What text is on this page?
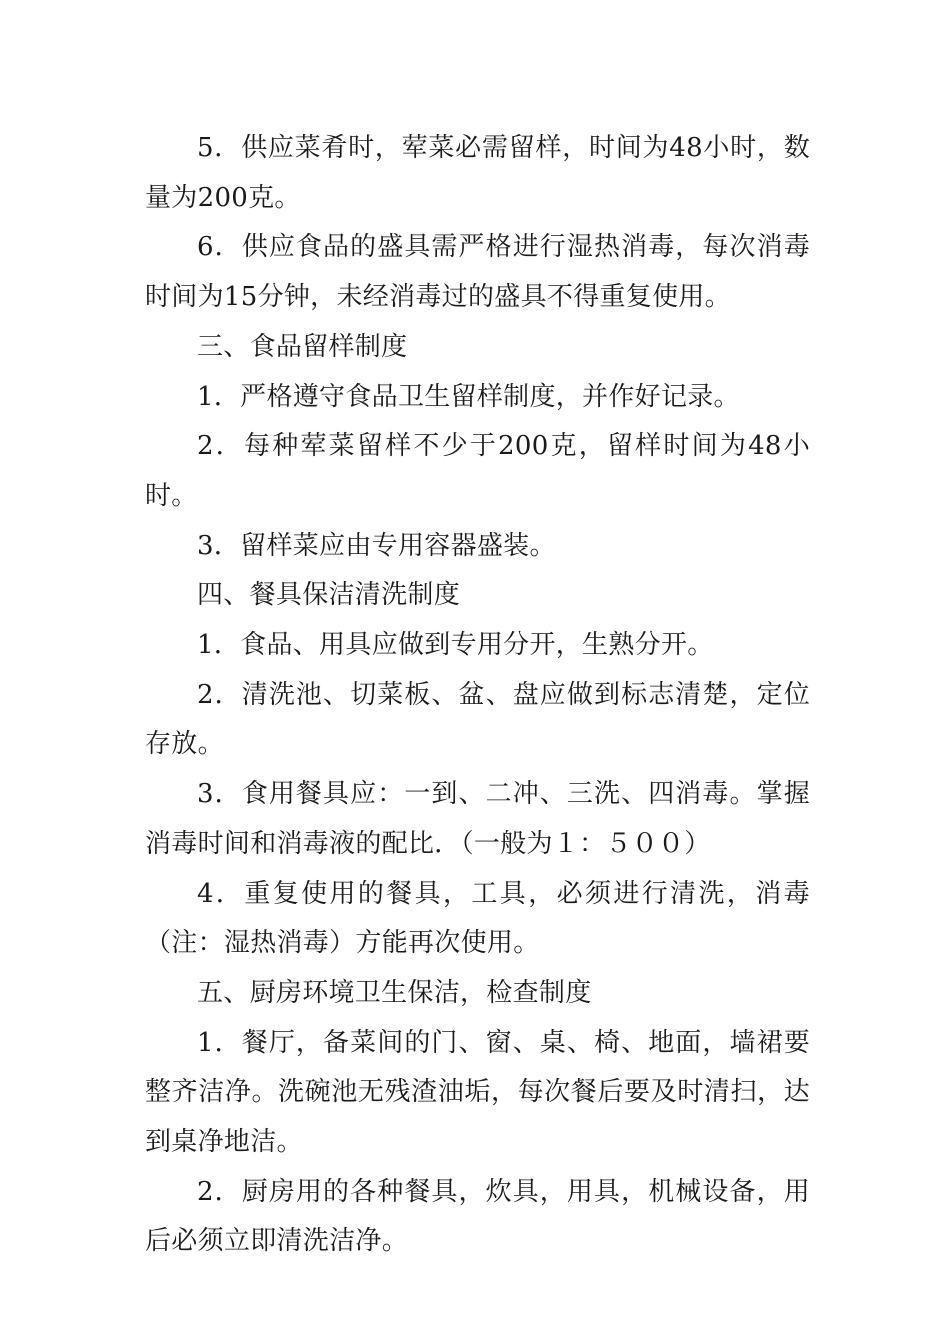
5．供应菜肴时，荤菜必需留样，时间为48小时，数量为200克。

6．供应食品的盛具需严格进行湿热消毒，每次消毒时间为15分钟，未经消毒过的盛具不得重复使用。

三、食品留样制度

1．严格遵守食品卫生留样制度，并作好记录。

2．每种荤菜留样不少于200克，留样时间为48小时。

3．留样菜应由专用容器盛装。

四、餐具保洁清洗制度

1．食品、用具应做到专用分开，生熟分开。

2．清洗池、切菜板、盆、盘应做到标志清楚，定位存放。

3．食用餐具应：一到、二冲、三洗、四消毒。掌握消毒时间和消毒液的配比．（一般为１：５００）

4．重复使用的餐具，工具，必须进行清洗，消毒（注：湿热消毒）方能再次使用。

五、厨房环境卫生保洁，检查制度

1．餐厅，备菜间的门、窗、桌、椅、地面，墙裙要整齐洁净。洗碗池无残渣油垢，每次餐后要及时清扫，达到桌净地洁。

2．厨房用的各种餐具，炊具，用具，机械设备，用后必须立即清洗洁净。
